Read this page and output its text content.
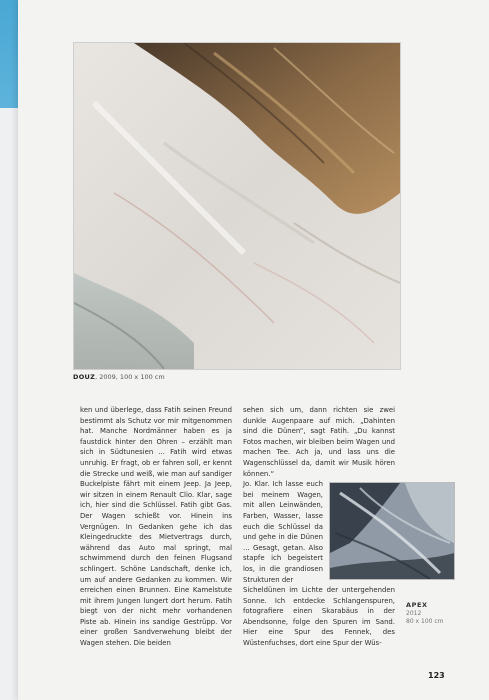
DOUZ, 2009, 100 x 100 cm

ken und überlege, dass Fatih seinen Freund bestimmt als Schutz vor mir mitgenommen hat. Manche Nordmänner haben es ja faustdick hinter den Ohren – erzählt man sich in Südtunesien ... Fatih wird etwas unruhig. Er fragt, ob er fahren soll, er kennt die Strecke und weiß, wie man auf sandiger Buckelpiste fährt mit einem Jeep. Ja Jeep, wir sitzen in einem Renault Clio. Klar, sage ich, hier sind die Schlüssel. Fatih gibt Gas. Der Wagen schießt vor. Hinein ins Vergnügen. In Gedanken gehe ich das Kleingedruckte des Mietvertrags durch, während das Auto mal springt, mal schwimmend durch den feinen Flugsand schlingert. Schöne Landschaft, denke ich, um auf andere Gedanken zu kommen. Wir erreichen einen Brunnen. Eine Kamelstute mit ihrem Jungen lungert dort herum. Fatih biegt von der nicht mehr vorhandenen Piste ab. Hinein ins sandige Gestrüpp. Vor einer großen Sandverwehung bleibt der Wagen stehen. Die beiden

sehen sich um, dann richten sie zwei dunkle Augenpaare auf mich. „Dahinten sind die Dünen“, sagt Fatih. „Du kannst Fotos machen, wir bleiben beim Wagen und machen Tee. Ach ja, und lass uns die Wagenschlüssel da, damit wir Musik hören können.“

Jo. Klar. Ich lasse euch bei meinem Wagen, mit allen Leinwänden, Farben, Wasser, lasse euch die Schlüssel da und gehe in die Dünen ... Gesagt, getan. Also stapfe ich begeistert los, in die grandiosen Strukturen der

Sicheldünen im Lichte der untergehenden Sonne. Ich entdecke Schlangenspuren, fotografiere einen Skarabäus in der Abendsonne, folge den Spuren im Sand. Hier eine Spur des Fennek, des Wüstenfuchses, dort eine Spur der Wüs-

APEX
2012
80 x 100 cm
123
